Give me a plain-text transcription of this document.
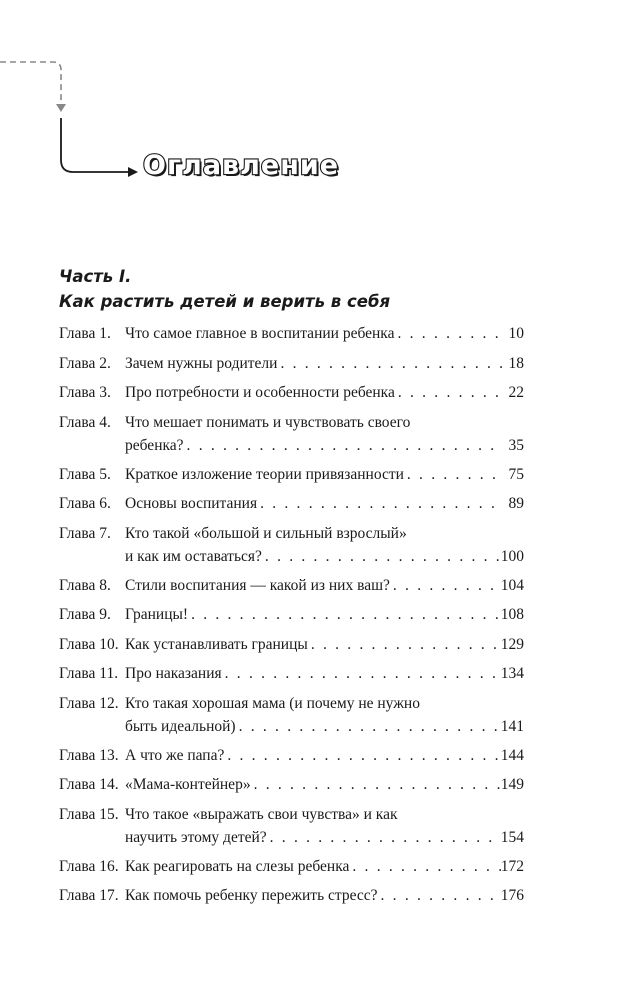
Оглавление
Часть I.
Как растить детей и верить в себя
Глава 1. Что самое главное в воспитании ребенка . . .	10
Глава 2. Зачем нужны родители . . .	18
Глава 3. Про потребности и особенности ребенка . . .	22
Глава 4. Что мешает понимать и чувствовать своего
ребенка? . . .	35
Глава 5. Краткое изложение теории привязанности . . .	75
Глава 6. Основы воспитания . . .	89
Глава 7. Кто такой «большой и сильный взрослый»
и как им оставаться? . . .	100
Глава 8. Стили воспитания — какой из них ваш? . . .	104
Глава 9. Границы! . . .	108
Глава 10. Как устанавливать границы . . .	129
Глава 11. Про наказания . . .	134
Глава 12. Кто такая хорошая мама (и почему не нужно
быть идеальной) . . .	141
Глава 13. А что же папа? . . .	144
Глава 14. «Мама-контейнер» . . .	149
Глава 15. Что такое «выражать свои чувства» и как
научить этому детей? . . .	154
Глава 16. Как реагировать на слезы ребенка . . .	172
Глава 17. Как помочь ребенку пережить стресс? . . .	176
